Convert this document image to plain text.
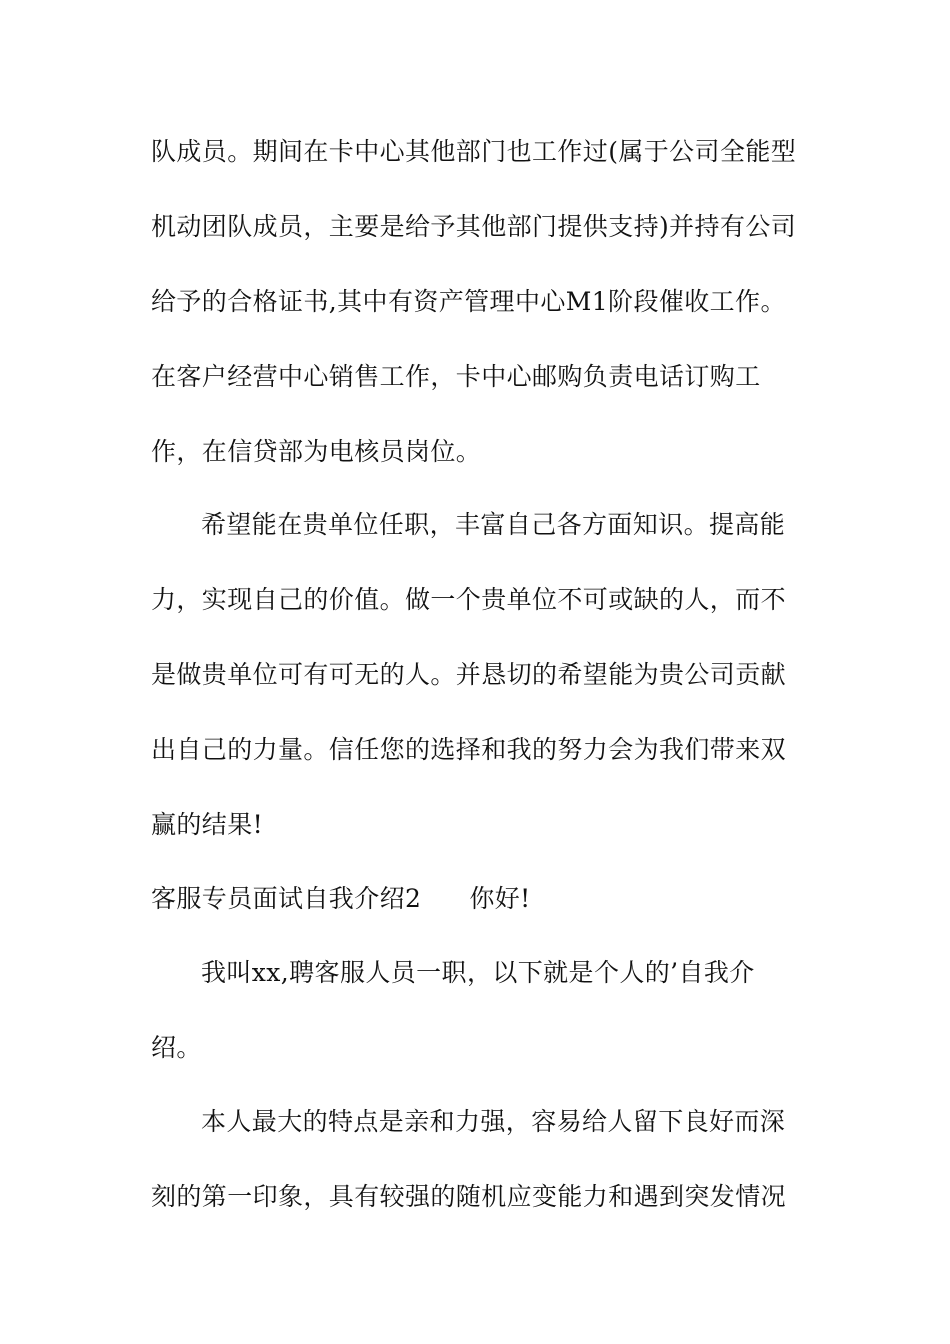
队成员。期间在卡中心其他部门也工作过(属于公司全能型
机动团队成员，主要是给予其他部门提供支持)并持有公司
给予的合格证书,其中有资产管理中心M1阶段催收工作。
在客户经营中心销售工作，卡中心邮购负责电话订购工
作，在信贷部为电核员岗位。
希望能在贵单位任职，丰富自己各方面知识。提高能
力，实现自己的价值。做一个贵单位不可或缺的人，而不
是做贵单位可有可无的人。并恳切的希望能为贵公司贡献
出自己的力量。信任您的选择和我的努力会为我们带来双
赢的结果!
客服专员面试自我介绍2 你好!
我叫xx,聘客服人员一职，以下就是个人的’自我介
绍。
本人最大的特点是亲和力强，容易给人留下良好而深
刻的第一印象，具有较强的随机应变能力和遇到突发情况
